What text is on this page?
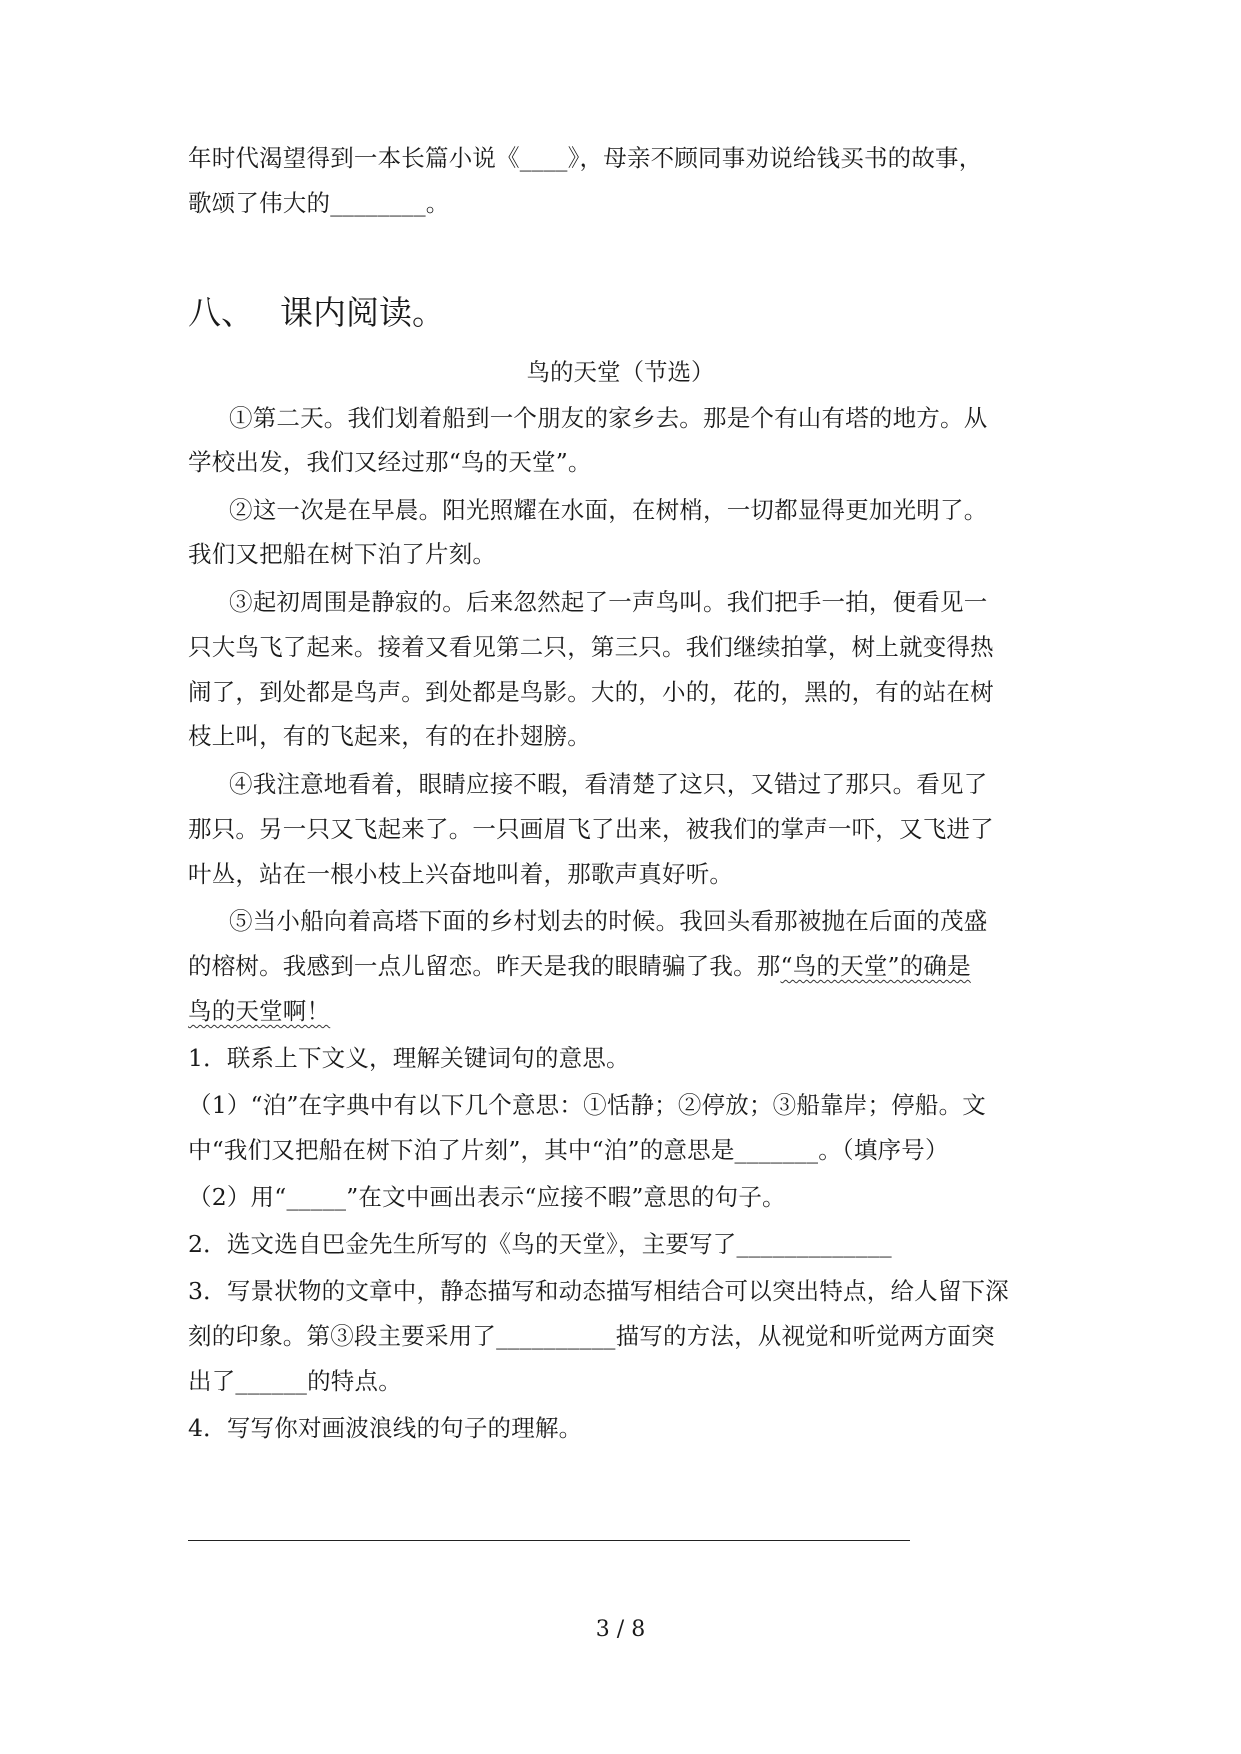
年时代渴望得到一本长篇小说《____》，母亲不顾同事劝说给钱买书的故事，
歌颂了伟大的________。
八、 课内阅读。
鸟的天堂（节选）
①第二天。我们划着船到一个朋友的家乡去。那是个有山有塔的地方。从
学校出发，我们又经过那“鸟的天堂”。
②这一次是在早晨。阳光照耀在水面，在树梢，一切都显得更加光明了。
我们又把船在树下泊了片刻。
③起初周围是静寂的。后来忽然起了一声鸟叫。我们把手一拍，便看见一
只大鸟飞了起来。接着又看见第二只，第三只。我们继续拍掌，树上就变得热
闹了，到处都是鸟声。到处都是鸟影。大的，小的，花的，黑的，有的站在树
枝上叫，有的飞起来，有的在扑翅膀。
④我注意地看着，眼睛应接不暇，看清楚了这只，又错过了那只。看见了
那只。另一只又飞起来了。一只画眉飞了出来，被我们的掌声一吓，又飞进了
叶丛，站在一根小枝上兴奋地叫着，那歌声真好听。
⑤当小船向着高塔下面的乡村划去的时候。我回头看那被抛在后面的茂盛
的榕树。我感到一点儿留恋。昨天是我的眼睛骗了我。那“鸟的天堂”的确是
鸟的天堂啊！
1．联系上下文义，理解关键词句的意思。
（1）“泊”在字典中有以下几个意思：①恬静；②停放；③船靠岸；停船。文
中“我们又把船在树下泊了片刻”，其中“泊”的意思是_______。（填序号）
（2）用“_____”在文中画出表示“应接不暇”意思的句子。
2．选文选自巴金先生所写的《鸟的天堂》，主要写了_____________
3．写景状物的文章中，静态描写和动态描写相结合可以突出特点，给人留下深
刻的印象。第③段主要采用了__________描写的方法，从视觉和听觉两方面突
出了______的特点。
4．写写你对画波浪线的句子的理解。
3 / 8
